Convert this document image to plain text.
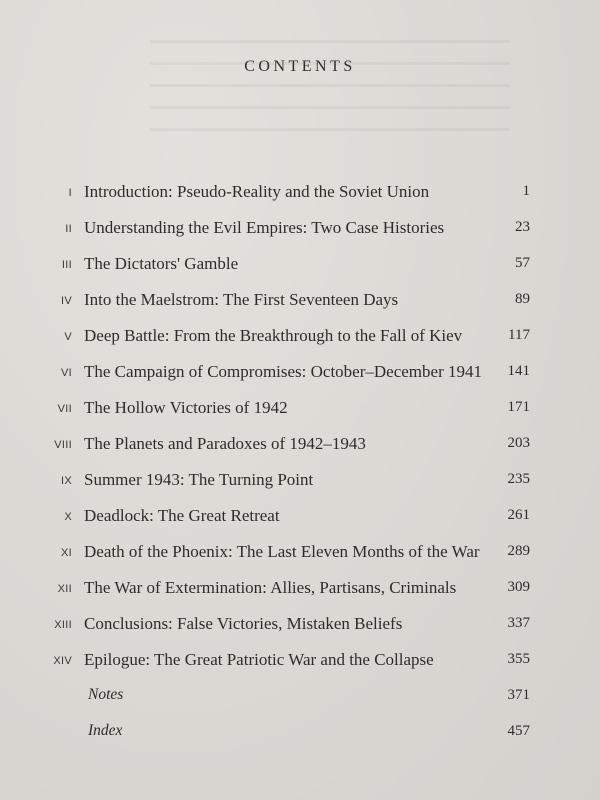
CONTENTS
I Introduction: Pseudo-Reality and the Soviet Union	1
II Understanding the Evil Empires: Two Case Histories	23
III The Dictators' Gamble	57
IV Into the Maelstrom: The First Seventeen Days	89
V Deep Battle: From the Breakthrough to the Fall of Kiev	117
VI The Campaign of Compromises: October–December 1941 141
VII The Hollow Victories of 1942	171
VIII The Planets and Paradoxes of 1942–1943	203
IX Summer 1943: The Turning Point	235
X Deadlock: The Great Retreat	261
XI Death of the Phoenix: The Last Eleven Months of the War 289
XII The War of Extermination: Allies, Partisans, Criminals	309
XIII Conclusions: False Victories, Mistaken Beliefs	337
XIV Epilogue: The Great Patriotic War and the Collapse	355
Notes	371
Index	457
